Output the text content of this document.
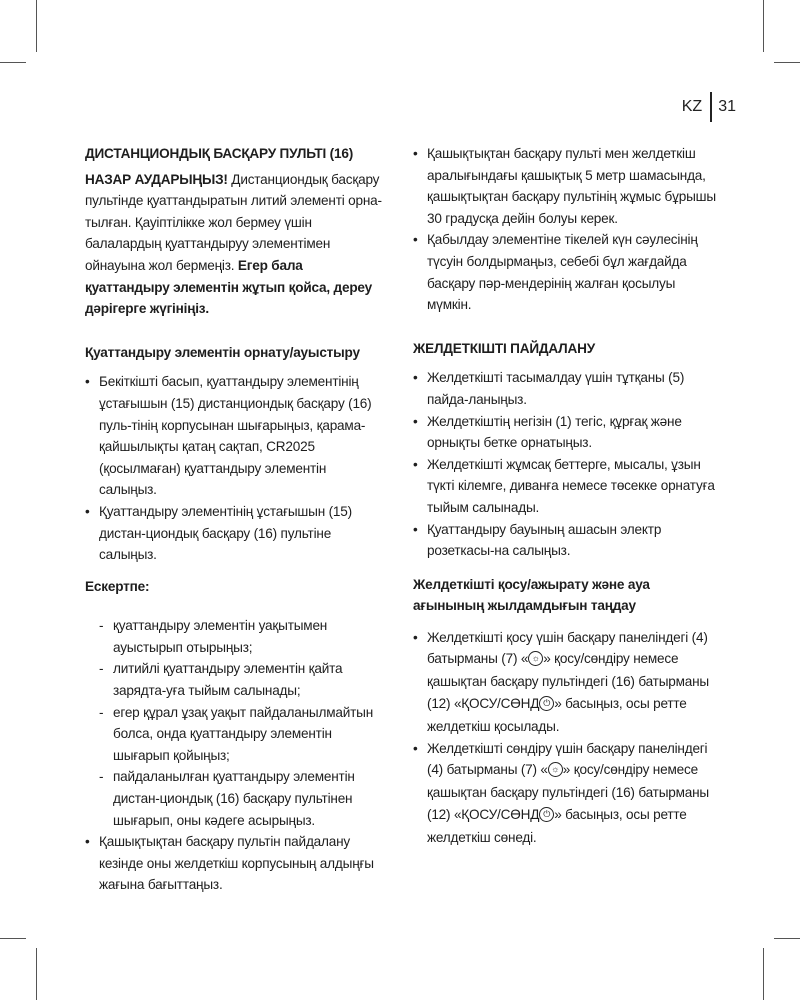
KZ 31

ДИСТАНЦИОНДЫҚ БАСҚАРУ ПУЛЬТІ (16)

НАЗАР АУДАРЫҢЫЗ! Дистанциондық басқару пультінде қуаттандыратын литий элементі орна-тылған. Қауіптілікке жол бермеу үшін балалардың қуаттандыруу элементімен ойнауына жол бермеңіз. Егер бала қуаттандыру элементін жұтып қойса, дереу дәрігерге жүгініңіз.

Қуаттандыру элементін орнату/ауыстыру

• Бекіткішті басып, қуаттандыру элементінің ұстағышын (15) дистанциондық басқару (16) пуль-тінің корпусынан шығарыңыз, қарама-қайшылықты қатаң сақтап, CR2025 (қосылмаған) қуаттандыру элементін салыңыз.
• Қуаттандыру элементінің ұстағышын (15) дистан-циондық басқару (16) пультіне салыңыз.

Ескертпе:

- қуаттандыру элементін уақытымен ауыстырып отырыңыз;
- литийлі қуаттандыру элементін қайта зарядта-уға тыйым салынады;
- егер құрал ұзақ уақыт пайдаланылмайтын болса, онда қуаттандыру элементін шығарып қойыңыз;
- пайдаланылған қуаттандыру элементін дистан-циондық (16) басқару пультінен шығарып, оны кәдеге асырыңыз.
• Қашықтықтан басқару пультін пайдалану кезінде оны желдеткіш корпусының алдыңғы жағына бағыттаңыз.
• Қашықтықтан басқару пульті мен желдеткіш аралығындағы қашықтық 5 метр шамасында, қашықтықтан басқару пультінің жұмыс бұрышы 30 градусқа дейін болуы керек.
• Қабылдау элементіне тікелей күн сәулесінің түсуін болдырмаңыз, себебі бұл жағдайда басқару пәр-мендерінің жалған қосылуы мүмкін.

ЖЕЛДЕТКІШТІ ПАЙДАЛАНУ

• Желдеткішті тасымалдау үшін тұтқаны (5) пайда-ланыңыз.
• Желдеткіштің негізін (1) тегіс, құрғақ және орнықты бетке орнатыңыз.
• Желдеткішті жұмсақ беттерге, мысалы, ұзын түкті кілемге, диванға немесе төсекке орнатуға тыйым салынады.
• Қуаттандыру бауының ашасын электр розеткасы-на салыңыз.

Желдеткішті қосу/ажырату және ауа ағынының жылдамдығын таңдау

• Желдеткішті қосу үшін басқару панеліндегі (4) батырманы (7) « ☼ » қосу/сөндіру немесе қашықтан басқару пультіндегі (16) батырманы (12) «ҚОСУ/СӨНД ⏻ » басыңыз, осы ретте желдеткіш қосылады.
• Желдеткішті сөндіру үшін басқару панеліндегі (4) батырманы (7) « ☼ » қосу/сөндіру немесе қашықтан басқару пультіндегі (16) батырманы (12) «ҚОСУ/СӨНД ⏻ » басыңыз, осы ретте желдеткіш сөнеді.
